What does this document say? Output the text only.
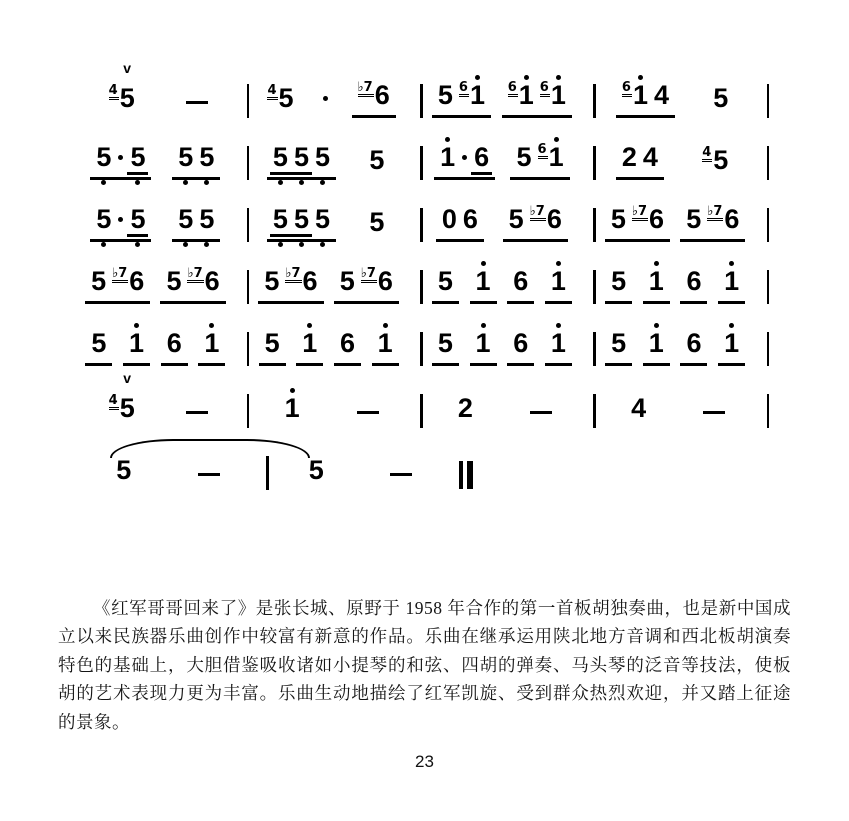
v
4 5	4 5	♭7 6 5 6 1 6 1 6 1	6 1 4 5
5 5 5 5 5 5 5 5 1 6 5 6 1 2 4	4 5
5 5 5 5 5 5 5 5 0 6 5 ♭7 6 5 ♭7 6 5 ♭7 6
5 ♭7 6 5 ♭7 6 5 ♭7 6 5 ♭7 6 5 1 6 1 5 1 6 1
5 1 6 1 5 1 6 1 5 1 6 1 5 1 6 1
v
4 5	1	2	4
5	5

《红军哥哥回来了》是张长城、原野于 1958 年合作的第一首板胡独奏曲，也是新中国成立以来民族器乐曲创作中较富有新意的作品。乐曲在继承运用陕北地方音调和西北板胡演奏特色的基础上，大胆借鉴吸收诸如小提琴的和弦、四胡的弹奏、马头琴的泛音等技法，使板胡的艺术表现力更为丰富。乐曲生动地描绘了红军凯旋、受到群众热烈欢迎，并又踏上征途的景象。

23
